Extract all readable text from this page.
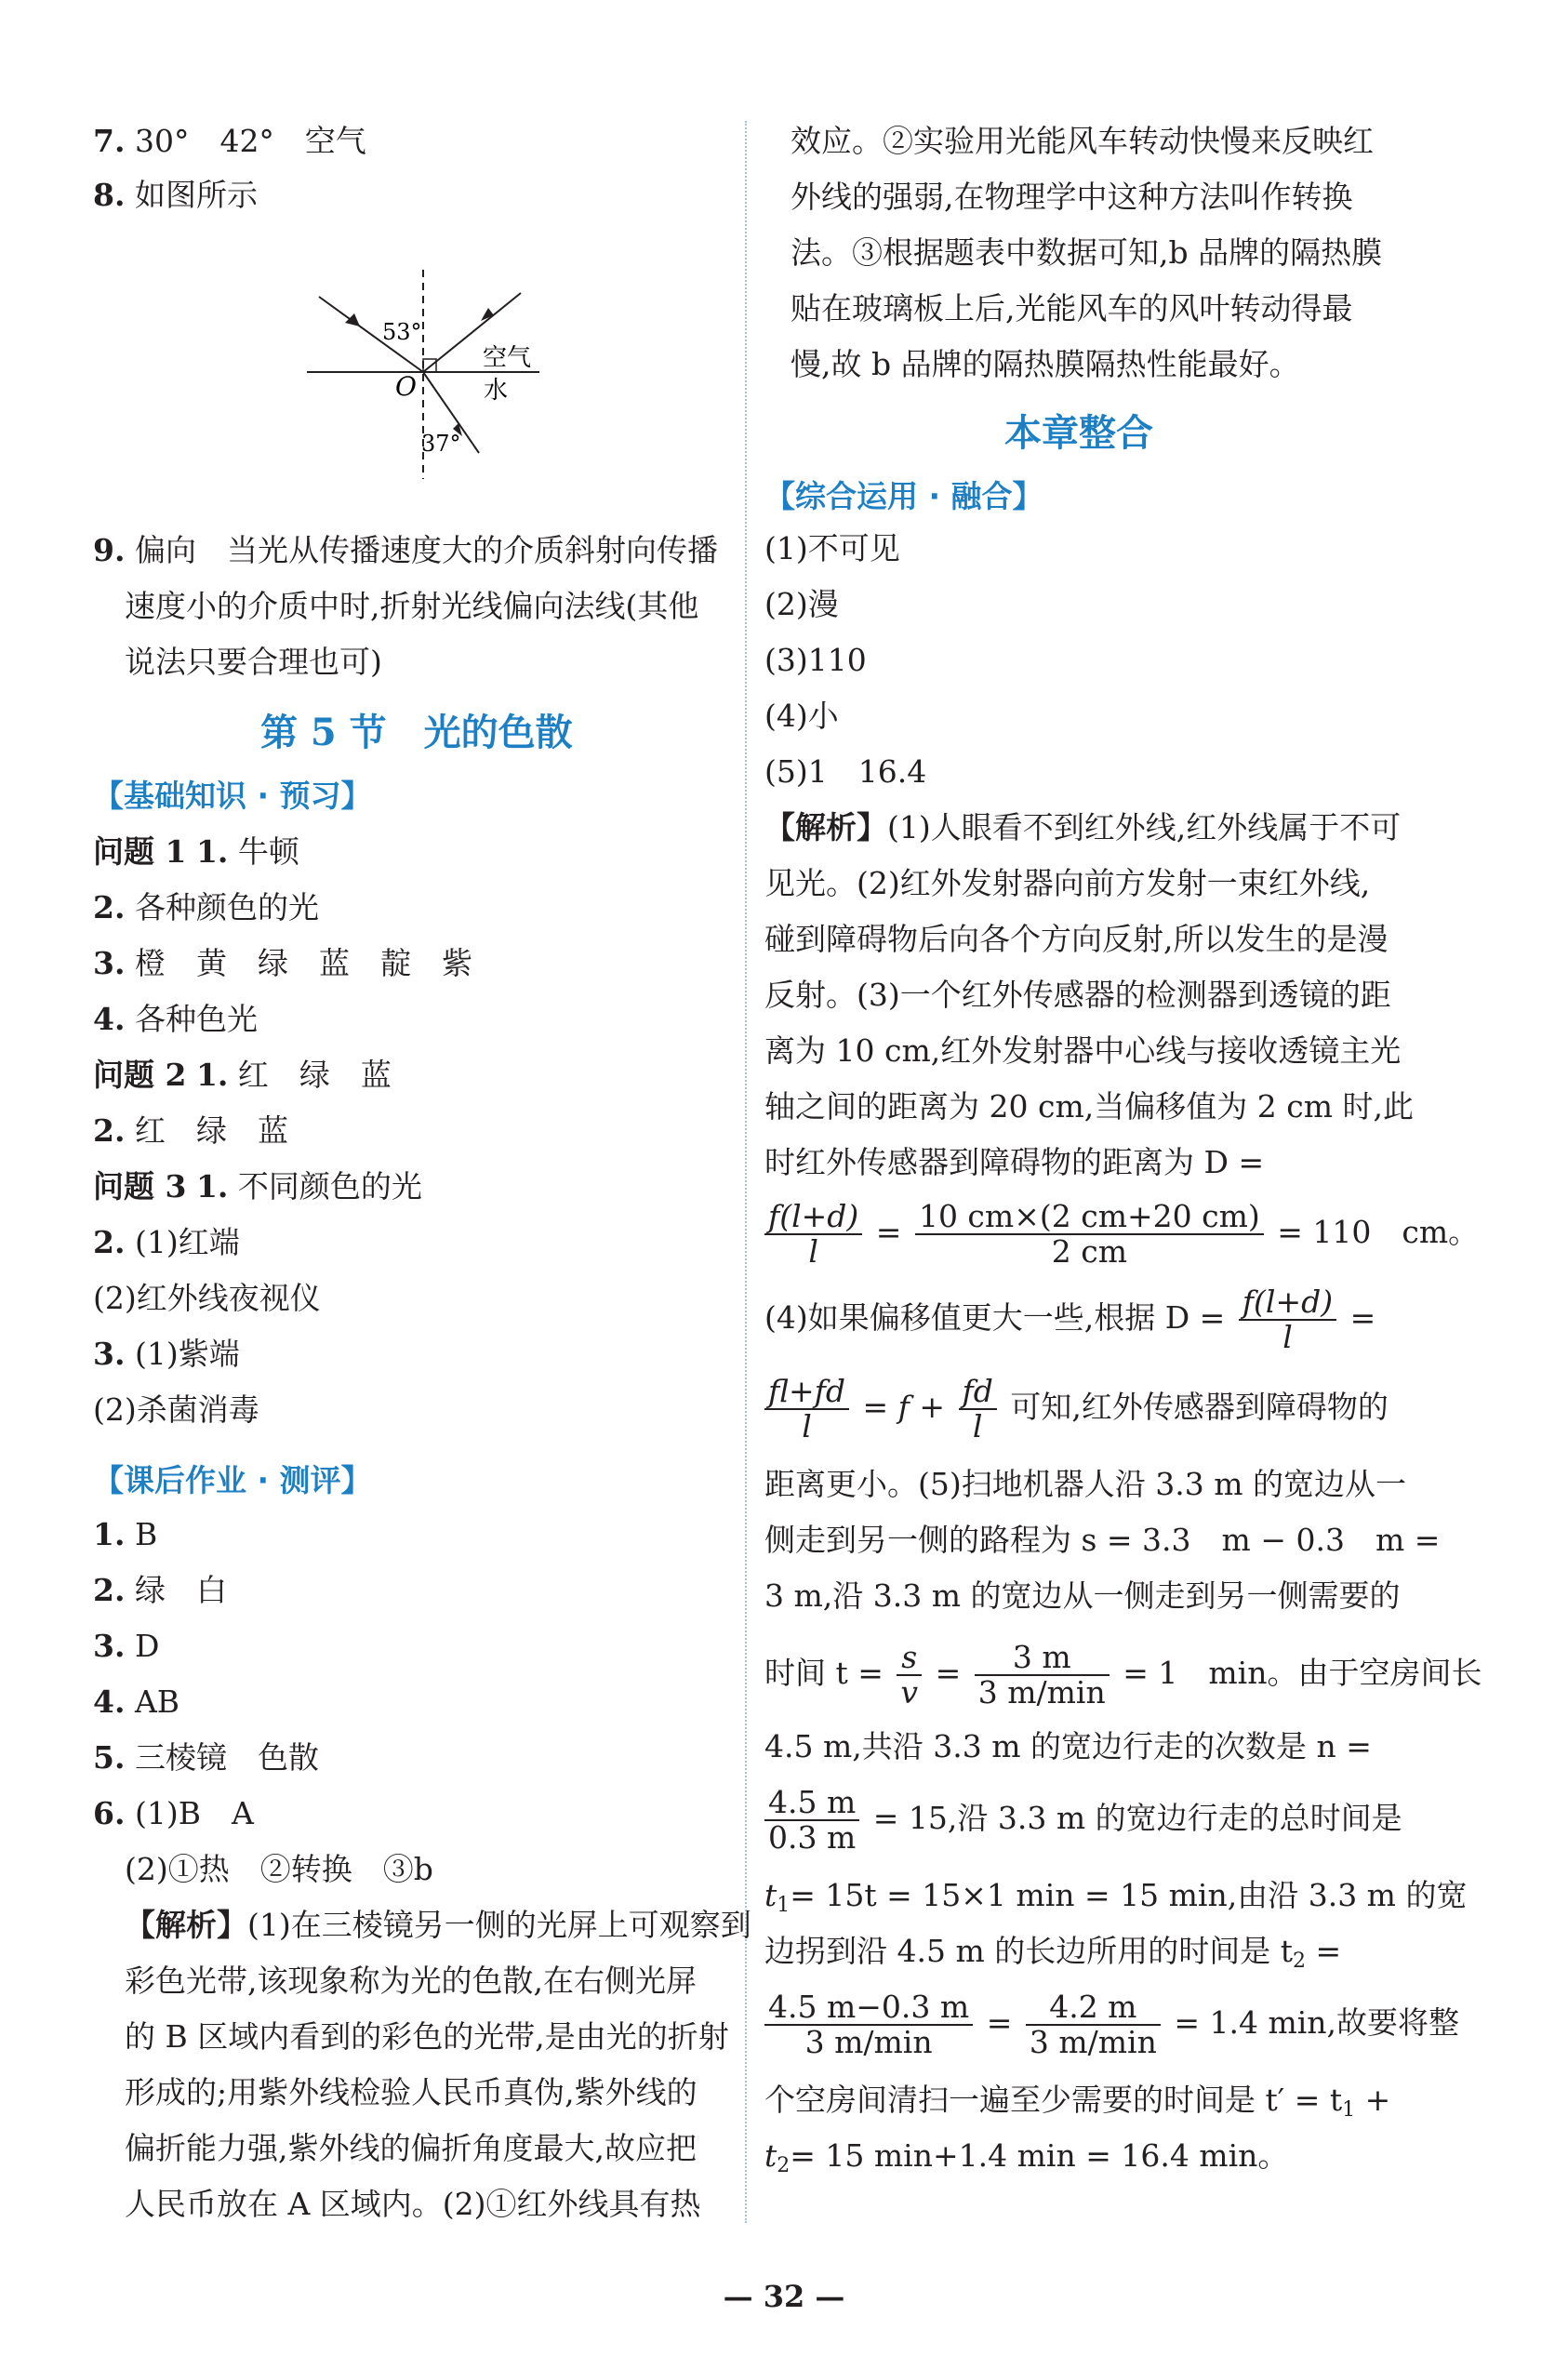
7. 30°　42°　空气
8. 如图所示
53°
37°
空气
水
O
9. 偏向　当光从传播速度大的介质斜射向传播
速度小的介质中时,折射光线偏向法线(其他
说法只要合理也可)
第 5 节　光的色散
【基础知识 · 预习】
问题 1 1. 牛顿
2. 各种颜色的光
3. 橙　黄　绿　蓝　靛　紫
4. 各种色光
问题 2 1. 红　绿　蓝
2. 红　绿　蓝
问题 3 1. 不同颜色的光
2. (1)红端
(2)红外线夜视仪
3. (1)紫端
(2)杀菌消毒
【课后作业 · 测评】
1. B
2. 绿　白
3. D
4. AB
5. 三棱镜　色散
6. (1)B　A
(2)①热　②转换　③b
【解析】(1)在三棱镜另一侧的光屏上可观察到
彩色光带,该现象称为光的色散,在右侧光屏
的 B 区域内看到的彩色的光带,是由光的折射
形成的;用紫外线检验人民币真伪,紫外线的
偏折能力强,紫外线的偏折角度最大,故应把
人民币放在 A 区域内。(2)①红外线具有热
效应。②实验用光能风车转动快慢来反映红
外线的强弱,在物理学中这种方法叫作转换
法。③根据题表中数据可知,b 品牌的隔热膜
贴在玻璃板上后,光能风车的风叶转动得最
慢,故 b 品牌的隔热膜隔热性能最好。
本章整合
【综合运用 · 融合】
(1)不可见
(2)漫
(3)110
(4)小
(5)1　16.4
【解析】(1)人眼看不到红外线,红外线属于不可
见光。(2)红外发射器向前方发射一束红外线,
碰到障碍物后向各个方向反射,所以发生的是漫
反射。(3)一个红外传感器的检测器到透镜的距
离为 10 cm,红外发射器中心线与接收透镜主光
轴之间的距离为 20 cm,当偏移值为 2 cm 时,此
时红外传感器到障碍物的距离为 D =
$\frac{f(l+d)}{l} = \frac{10 cm\times(2 cm+20 cm)}{2 cm} = 110$　cm。
(4)如果偏移值更大一些,根据 $D = \frac{f(l+d)}{l}$ =
$\frac{fl+fd}{l} = f + \frac{fd}{l}$ 可知,红外传感器到障碍物的
距离更小。(5)扫地机器人沿 3.3 m 的宽边从一
侧走到另一侧的路程为 s = 3.3　m − 0.3　m =
3 m,沿 3.3 m 的宽边从一侧走到另一侧需要的
时间 $t = \frac{s}{v} = \frac{3 m}{3 m/\min} = 1$　min。由于空房间长
4.5 m,共沿 3.3 m 的宽边行走的次数是 n =
$\frac{4.5 m}{0.3 m} = 15$,沿 3.3 m 的宽边行走的总时间是
$t_1= 15t = 15\times 1$ min = 15 min,由沿 3.3 m 的宽
边拐到沿 4.5 m 的长边所用的时间是 $t_2$ =
$\frac{4.5 m-0.3 m}{3 m/\min} = \frac{4.2 m}{3 m/\min} = 1.4$ min,故要将整
个空房间清扫一遍至少需要的时间是 $t' = t_1$ +
$t_2= 15$ min+1.4 min = 16.4 min。
— 32 —
